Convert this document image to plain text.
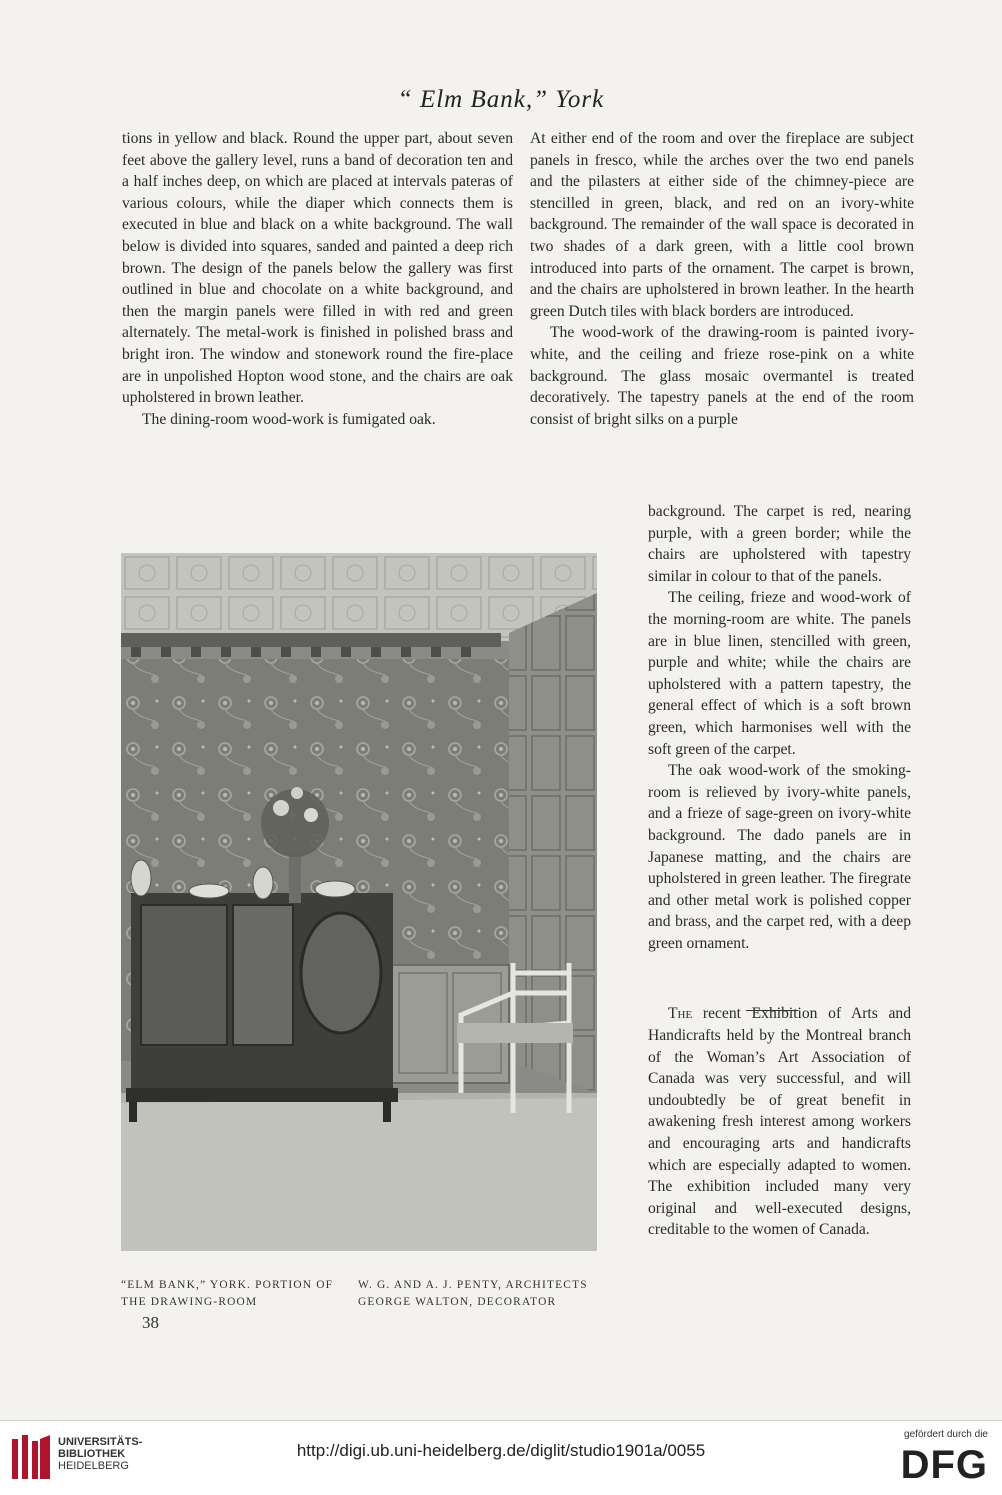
“ Elm Bank,” York

tions in yellow and black. Round the upper part, about seven feet above the gallery level, runs a band of decoration ten and a half inches deep, on which are placed at intervals pateras of various colours, while the diaper which connects them is executed in blue and black on a white background. The wall below is divided into squares, sanded and painted a deep rich brown. The design of the panels below the gallery was first outlined in blue and chocolate on a white background, and then the margin panels were filled in with red and green alternately. The metal-work is finished in polished brass and bright iron. The window and stonework round the fire-place are in unpolished Hopton wood stone, and the chairs are oak upholstered in brown leather.

The dining-room wood-work is fumigated oak.

At either end of the room and over the fireplace are subject panels in fresco, while the arches over the two end panels and the pilasters at either side of the chimney-piece are stencilled in green, black, and red on an ivory-white background. The remainder of the wall space is decorated in two shades of a dark green, with a little cool brown introduced into parts of the ornament. The carpet is brown, and the chairs are upholstered in brown leather. In the hearth green Dutch tiles with black borders are introduced.

The wood-work of the drawing-room is painted ivory-white, and the ceiling and frieze rose-pink on a white background. The glass mosaic overmantel is treated decoratively. The tapestry panels at the end of the room consist of bright silks on a purple

background. The carpet is red, nearing purple, with a green border; while the chairs are upholstered with tapestry similar in colour to that of the panels.

The ceiling, frieze and wood-work of the morning-room are white. The panels are in blue linen, stencilled with green, purple and white; while the chairs are upholstered with a pattern tapestry, the general effect of which is a soft brown green, which harmonises well with the soft green of the carpet.

The oak wood-work of the smoking-room is relieved by ivory-white panels, and a frieze of sage-green on ivory-white background. The dado panels are in Japanese matting, and the chairs are upholstered in green leather. The firegrate and other metal work is polished copper and brass, and the carpet red, with a deep green ornament.

The recent Exhibition of Arts and Handicrafts held by the Montreal branch of the Woman’s Art Association of Canada was very successful, and will undoubtedly be of great benefit in awakening fresh interest among workers and encouraging arts and handicrafts which are especially adapted to women. The exhibition included many very original and well-executed designs, creditable to the women of Canada.

“ELM BANK,” YORK. PORTION OF THE DRAWING-ROOM
W. G. AND A. J. PENTY, ARCHITECTS GEORGE WALTON, DECORATOR
38
UNIVERSITÄTS-
BIBLIOTHEK
HEIDELBERG
http://digi.ub.uni-heidelberg.de/diglit/studio1901a/0055
gefördert durch die
DFG
